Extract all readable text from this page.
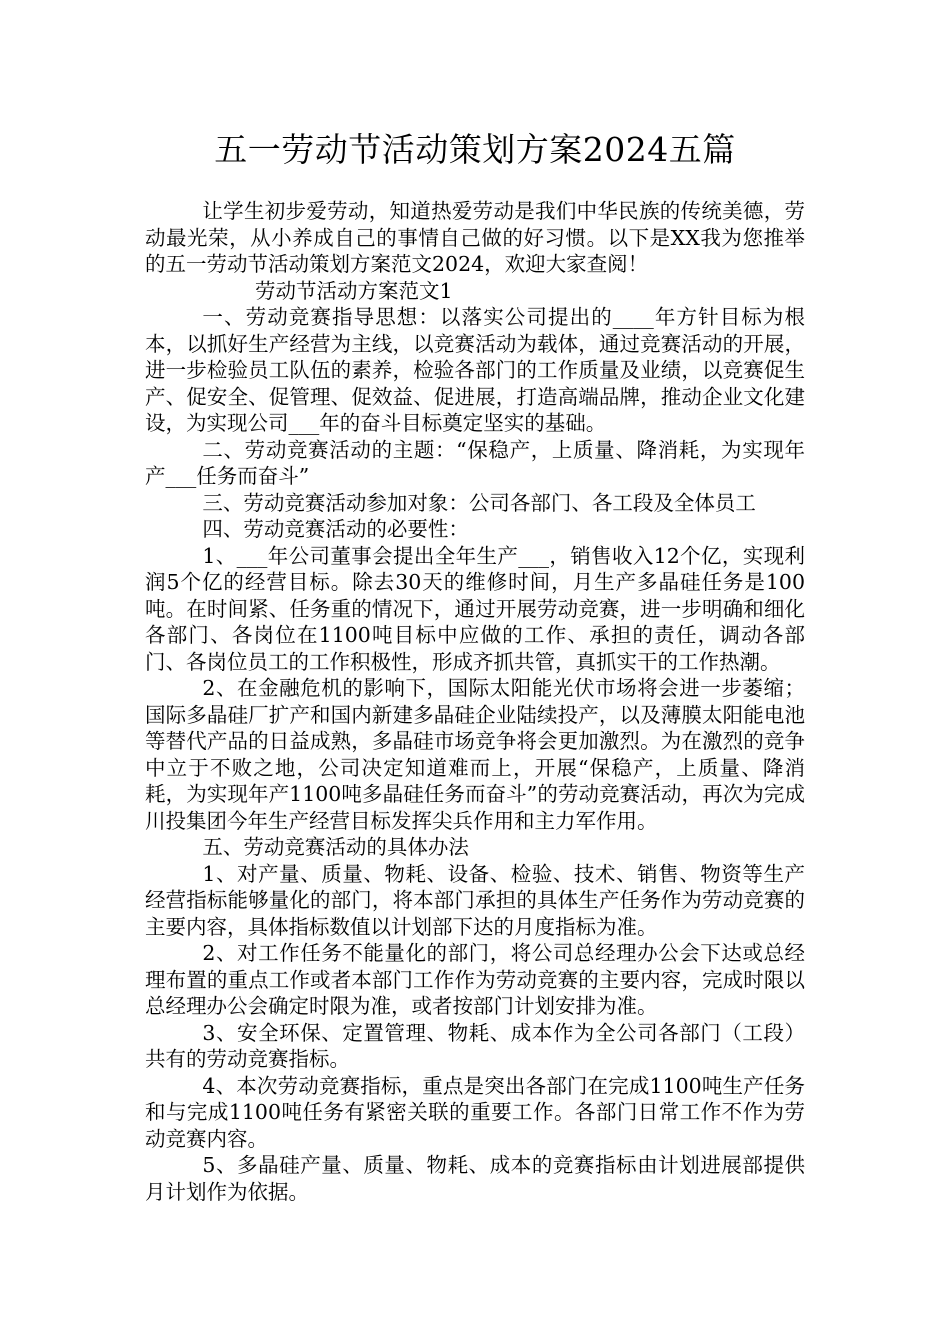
五一劳动节活动策划方案2024五篇

让学生初步爱劳动，知道热爱劳动是我们中华民族的传统美德，劳动最光荣，从小养成自己的事情自己做的好习惯。以下是XX我为您推举的五一劳动节活动策划方案范文2024，欢迎大家查阅！

劳动节活动方案范文1

一、劳动竞赛指导思想：以落实公司提出的____年方针目标为根本，以抓好生产经营为主线，以竞赛活动为载体，通过竞赛活动的开展，进一步检验员工队伍的素养，检验各部门的工作质量及业绩，以竞赛促生产、促安全、促管理、促效益、促进展，打造高端品牌，推动企业文化建设，为实现公司___年的奋斗目标奠定坚实的基础。

二、劳动竞赛活动的主题：“保稳产，上质量、降消耗，为实现年产___任务而奋斗”

三、劳动竞赛活动参加对象：公司各部门、各工段及全体员工

四、劳动竞赛活动的必要性：

1、___年公司董事会提出全年生产___，销售收入12个亿，实现利润5个亿的经营目标。除去30天的维修时间，月生产多晶硅任务是100吨。在时间紧、任务重的情况下，通过开展劳动竞赛，进一步明确和细化各部门、各岗位在1100吨目标中应做的工作、承担的责任，调动各部门、各岗位员工的工作积极性，形成齐抓共管，真抓实干的工作热潮。

2、在金融危机的影响下，国际太阳能光伏市场将会进一步萎缩；国际多晶硅厂扩产和国内新建多晶硅企业陆续投产，以及薄膜太阳能电池等替代产品的日益成熟，多晶硅市场竞争将会更加激烈。为在激烈的竞争中立于不败之地，公司决定知道难而上，开展“保稳产，上质量、降消耗，为实现年产1100吨多晶硅任务而奋斗”的劳动竞赛活动，再次为完成川投集团今年生产经营目标发挥尖兵作用和主力军作用。

五、劳动竞赛活动的具体办法

1、对产量、质量、物耗、设备、检验、技术、销售、物资等生产经营指标能够量化的部门，将本部门承担的具体生产任务作为劳动竞赛的主要内容，具体指标数值以计划部下达的月度指标为准。

2、对工作任务不能量化的部门，将公司总经理办公会下达或总经理布置的重点工作或者本部门工作作为劳动竞赛的主要内容，完成时限以总经理办公会确定时限为准，或者按部门计划安排为准。

3、安全环保、定置管理、物耗、成本作为全公司各部门（工段）共有的劳动竞赛指标。

4、本次劳动竞赛指标，重点是突出各部门在完成1100吨生产任务和与完成1100吨任务有紧密关联的重要工作。各部门日常工作不作为劳动竞赛内容。

5、多晶硅产量、质量、物耗、成本的竞赛指标由计划进展部提供月计划作为依据。
